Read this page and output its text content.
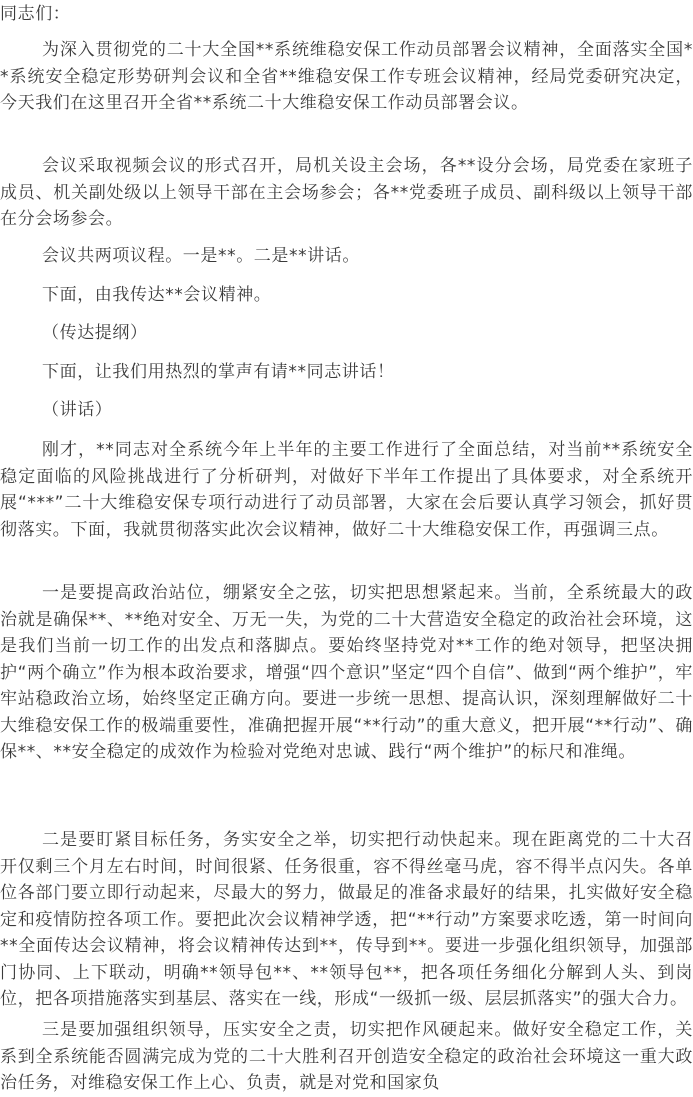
同志们：

为深入贯彻党的二十大全国**系统维稳安保工作动员部署会议精神，全面落实全国**系统安全稳定形势研判会议和全省**维稳安保工作专班会议精神，经局党委研究决定，今天我们在这里召开全省**系统二十大维稳安保工作动员部署会议。

会议采取视频会议的形式召开，局机关设主会场，各**设分会场，局党委在家班子成员、机关副处级以上领导干部在主会场参会；各**党委班子成员、副科级以上领导干部在分会场参会。

会议共两项议程。一是**。二是**讲话。

下面，由我传达**会议精神。

（传达提纲）

下面，让我们用热烈的掌声有请**同志讲话！

（讲话）

刚才，**同志对全系统今年上半年的主要工作进行了全面总结，对当前**系统安全稳定面临的风险挑战进行了分析研判，对做好下半年工作提出了具体要求，对全系统开展“***”二十大维稳安保专项行动进行了动员部署，大家在会后要认真学习领会，抓好贯彻落实。下面，我就贯彻落实此次会议精神，做好二十大维稳安保工作，再强调三点。

一是要提高政治站位，绷紧安全之弦，切实把思想紧起来。当前，全系统最大的政治就是确保**、**绝对安全、万无一失，为党的二十大营造安全稳定的政治社会环境，这是我们当前一切工作的出发点和落脚点。要始终坚持党对**工作的绝对领导，把坚决拥护“两个确立”作为根本政治要求，增强“四个意识”坚定“四个自信”、做到“两个维护”，牢牢站稳政治立场，始终坚定正确方向。要进一步统一思想、提高认识，深刻理解做好二十大维稳安保工作的极端重要性，准确把握开展“**行动”的重大意义，把开展“**行动”、确保**、**安全稳定的成效作为检验对党绝对忠诚、践行“两个维护”的标尺和准绳。

二是要盯紧目标任务，务实安全之举，切实把行动快起来。现在距离党的二十大召开仅剩三个月左右时间，时间很紧、任务很重，容不得丝毫马虎，容不得半点闪失。各单位各部门要立即行动起来，尽最大的努力，做最足的准备求最好的结果，扎实做好安全稳定和疫情防控各项工作。要把此次会议精神学透，把“**行动”方案要求吃透，第一时间向**全面传达会议精神，将会议精神传达到**，传导到**。要进一步强化组织领导，加强部门协同、上下联动，明确**领导包**、**领导包**，把各项任务细化分解到人头、到岗位，把各项措施落实到基层、落实在一线，形成“一级抓一级、层层抓落实”的强大合力。

三是要加强组织领导，压实安全之责，切实把作风硬起来。做好安全稳定工作，关系到全系统能否圆满完成为党的二十大胜利召开创造安全稳定的政治社会环境这一重大政治任务，对维稳安保工作上心、负责，就是对党和国家负
